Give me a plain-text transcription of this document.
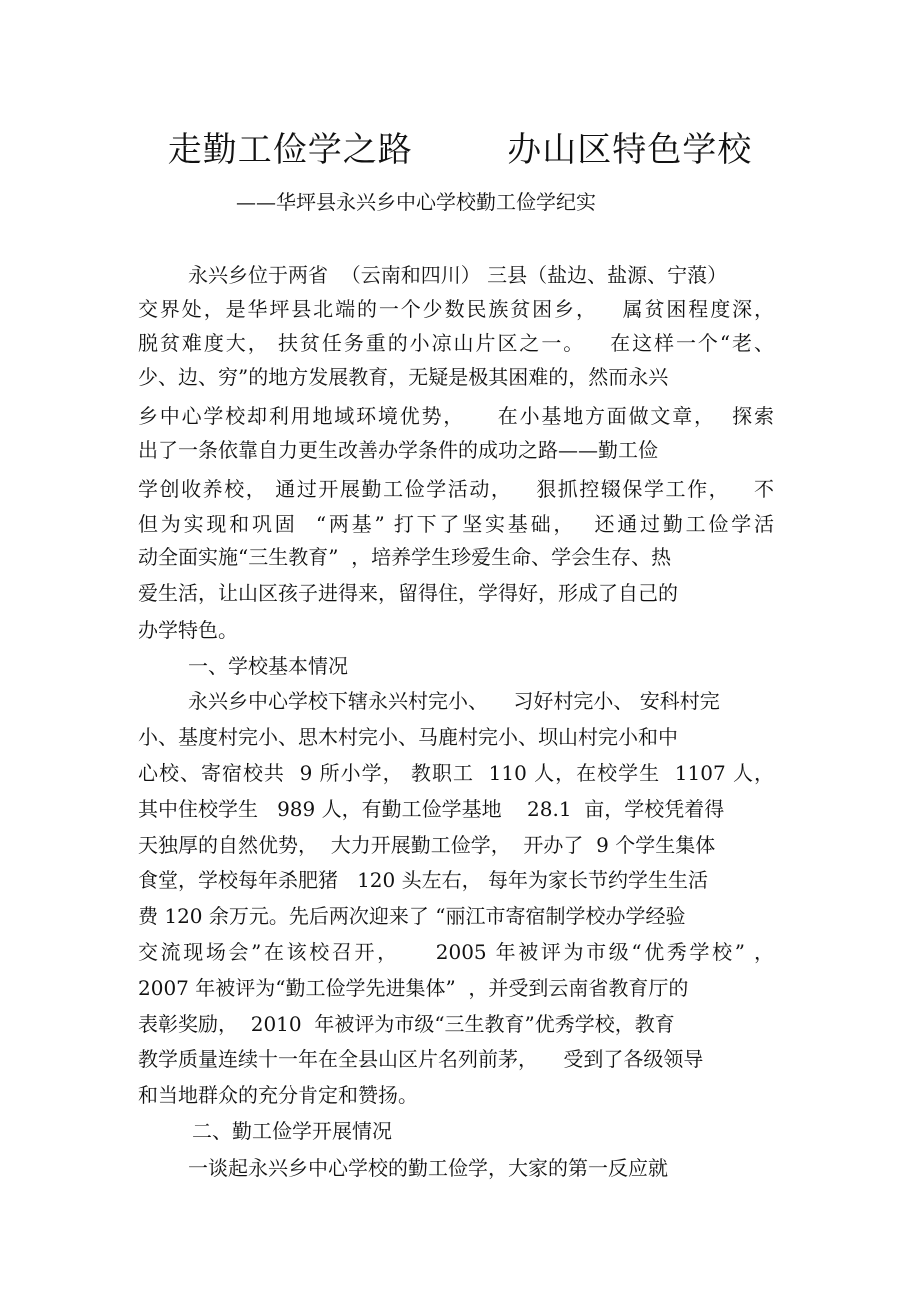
走勤工俭学之路        办山区特色学校
——华坪县永兴乡中心学校勤工俭学纪实
永兴乡位于两省  （云南和四川） 三县（盐边、盐源、宁蒗）
交界处，是华坪县北端的一个少数民族贫困乡，   属贫困程度深，
脱贫难度大， 扶贫任务重的小凉山片区之一。   在这样一个“老、
少、边、穷”的地方发展教育，无疑是极其困难的，然而永兴
乡中心学校却利用地域环境优势，    在小基地方面做文章，  探索
出了一条依靠自力更生改善办学条件的成功之路——勤工俭
学创收养校， 通过开展勤工俭学活动，   狠抓控辍保学工作，   不
但为实现和巩固  “两基” 打下了坚实基础，  还通过勤工俭学活
动全面实施“三生教育”  ，培养学生珍爱生命、学会生存、热
爱生活，让山区孩子进得来，留得住，学得好，形成了自己的
办学特色。
一、学校基本情况
永兴乡中心学校下辖永兴村完小、    习好村完小、 安科村完
小、基度村完小、思木村完小、马鹿村完小、坝山村完小和中
心校、寄宿校共  9 所小学， 教职工  110 人，在校学生  1107 人，
其中住校学生   989 人，有勤工俭学基地    28.1  亩，学校凭着得
天独厚的自然优势，  大力开展勤工俭学，  开办了  9 个学生集体
食堂，学校每年杀肥猪   120 头左右， 每年为家长节约学生生活
费 120 余万元。先后两次迎来了 “丽江市寄宿制学校办学经验
交流现场会”在该校召开，    2005 年被评为市级“优秀学校” ，
2007 年被评为“勤工俭学先进集体”  ，并受到云南省教育厅的
表彰奖励，  2010  年被评为市级“三生教育”优秀学校，教育
教学质量连续十一年在全县山区片名列前茅，    受到了各级领导
和当地群众的充分肯定和赞扬。
二、勤工俭学开展情况
一谈起永兴乡中心学校的勤工俭学，大家的第一反应就
